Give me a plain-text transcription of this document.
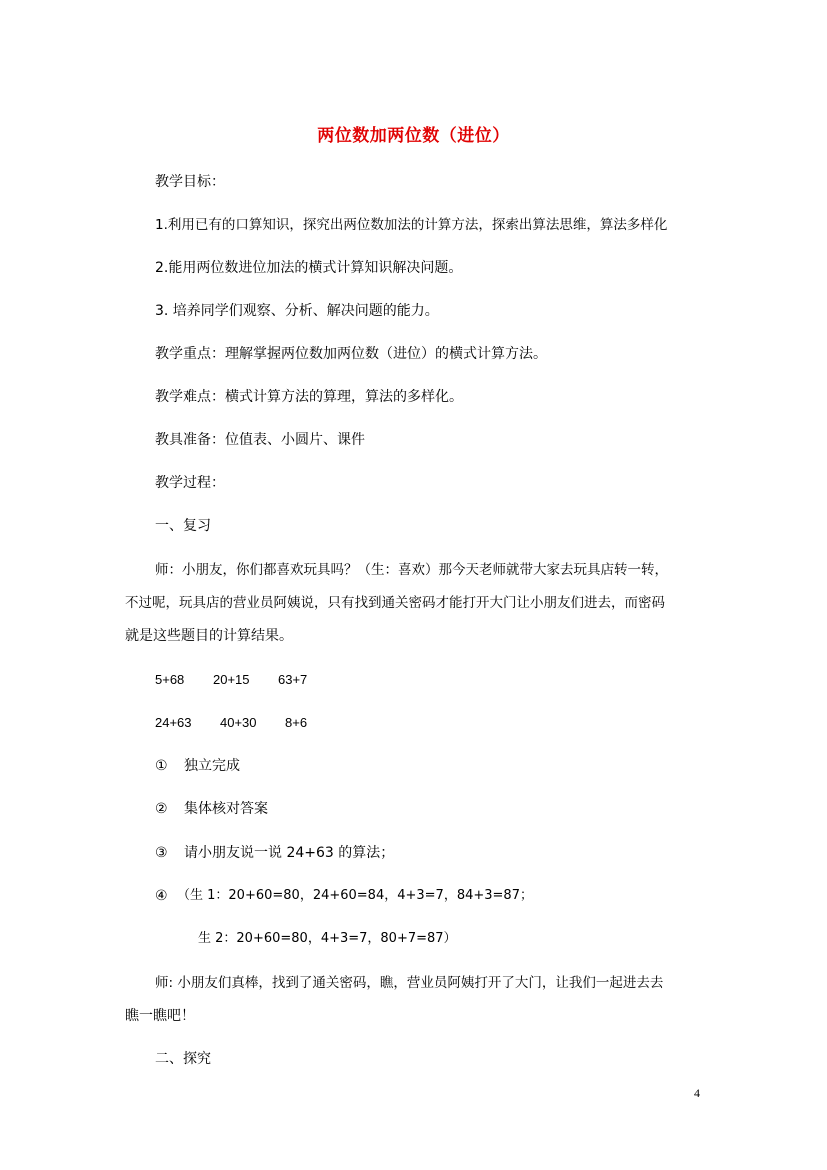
两位数加两位数（进位）
教学目标：
1.利用已有的口算知识，探究出两位数加法的计算方法，探索出算法思维，算法多样化
2.能用两位数进位加法的横式计算知识解决问题。
3. 培养同学们观察、分析、解决问题的能力。
教学重点：理解掌握两位数加两位数（进位）的横式计算方法。
教学难点：横式计算方法的算理，算法的多样化。
教具准备：位值表、小圆片、课件
教学过程：
一、复习
师：小朋友，你们都喜欢玩具吗？（生：喜欢）那今天老师就带大家去玩具店转一转，
不过呢，玩具店的营业员阿姨说，只有找到通关密码才能打开大门让小朋友们进去，而密码
就是这些题目的计算结果。
5+68 20+15 63+7
24+63 40+30 8+6
① 独立完成
② 集体核对答案
③ 请小朋友说一说 24+63 的算法；
④ （生 1：20+60=80，24+60=84，4+3=7，84+3=87；
生 2：20+60=80，4+3=7，80+7=87）
师: 小朋友们真棒，找到了通关密码，瞧，营业员阿姨打开了大门，让我们一起进去去
瞧一瞧吧！
二、探究
4
